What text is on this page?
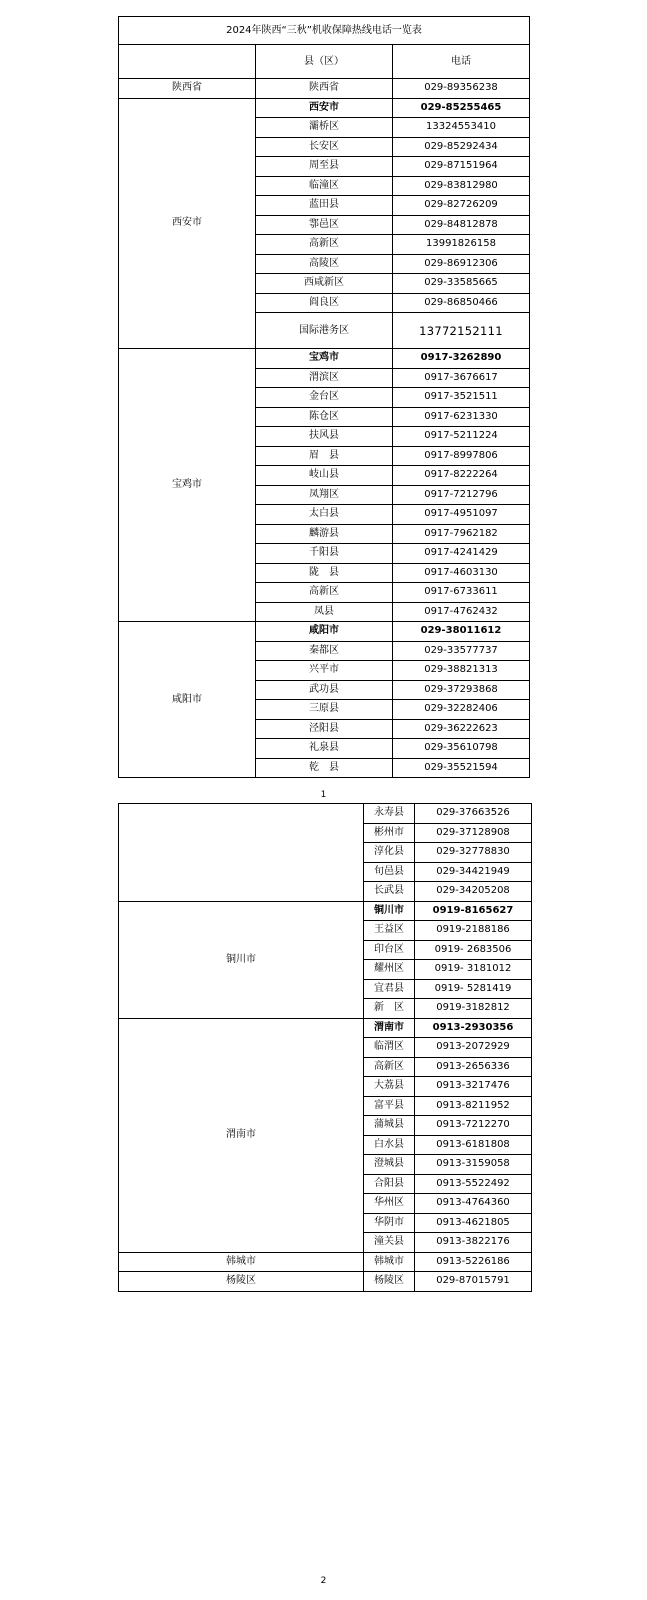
2024年陕西“三秋”机收保障热线电话一览表		
	县（区）	电话
陕西省	陕西省	029-89356238
西安市	西安市	029-85255465
	灞桥区	13324553410
	长安区	029-85292434
	周至县	029-87151964
	临潼区	029-83812980
	蓝田县	029-82726209
	鄠邑区	029-84812878
	高新区	13991826158
	高陵区	029-86912306
	西咸新区	029-33585665
	阎良区	029-86850466
	国际港务区	13772152111
宝鸡市	宝鸡市	0917-3262890
	渭滨区	0917-3676617
	金台区	0917-3521511
	陈仓区	0917-6231330
	扶风县	0917-5211224
	眉　县	0917-8997806
	岐山县	0917-8222264
	凤翔区	0917-7212796
	太白县	0917-4951097
	麟游县	0917-7962182
	千阳县	0917-4241429
	陇　县	0917-4603130
	高新区	0917-6733611
	凤县	0917-4762432
咸阳市	咸阳市	029-38011612
	秦都区	029-33577737
	兴平市	029-38821313
	武功县	029-37293868
	三原县	029-32282406
	泾阳县	029-36222623
	礼泉县	029-35610798
	乾　县	029-35521594
1
	永寿县	029-37663526
	彬州市	029-37128908
	淳化县	029-32778830
	旬邑县	029-34421949
	长武县	029-34205208
铜川市	铜川市	0919-8165627
	王益区	0919-2188186
	印台区	0919- 2683506
	耀州区	0919- 3181012
	宜君县	0919- 5281419
	新　区	0919-3182812
渭南市	渭南市	0913-2930356
	临渭区	0913-2072929
	高新区	0913-2656336
	大荔县	0913-3217476
	富平县	0913-8211952
	蒲城县	0913-7212270
	白水县	0913-6181808
	澄城县	0913-3159058
	合阳县	0913-5522492
	华州区	0913-4764360
	华阴市	0913-4621805
	潼关县	0913-3822176
韩城市	韩城市	0913-5226186
杨陵区	杨陵区	029-87015791
2
